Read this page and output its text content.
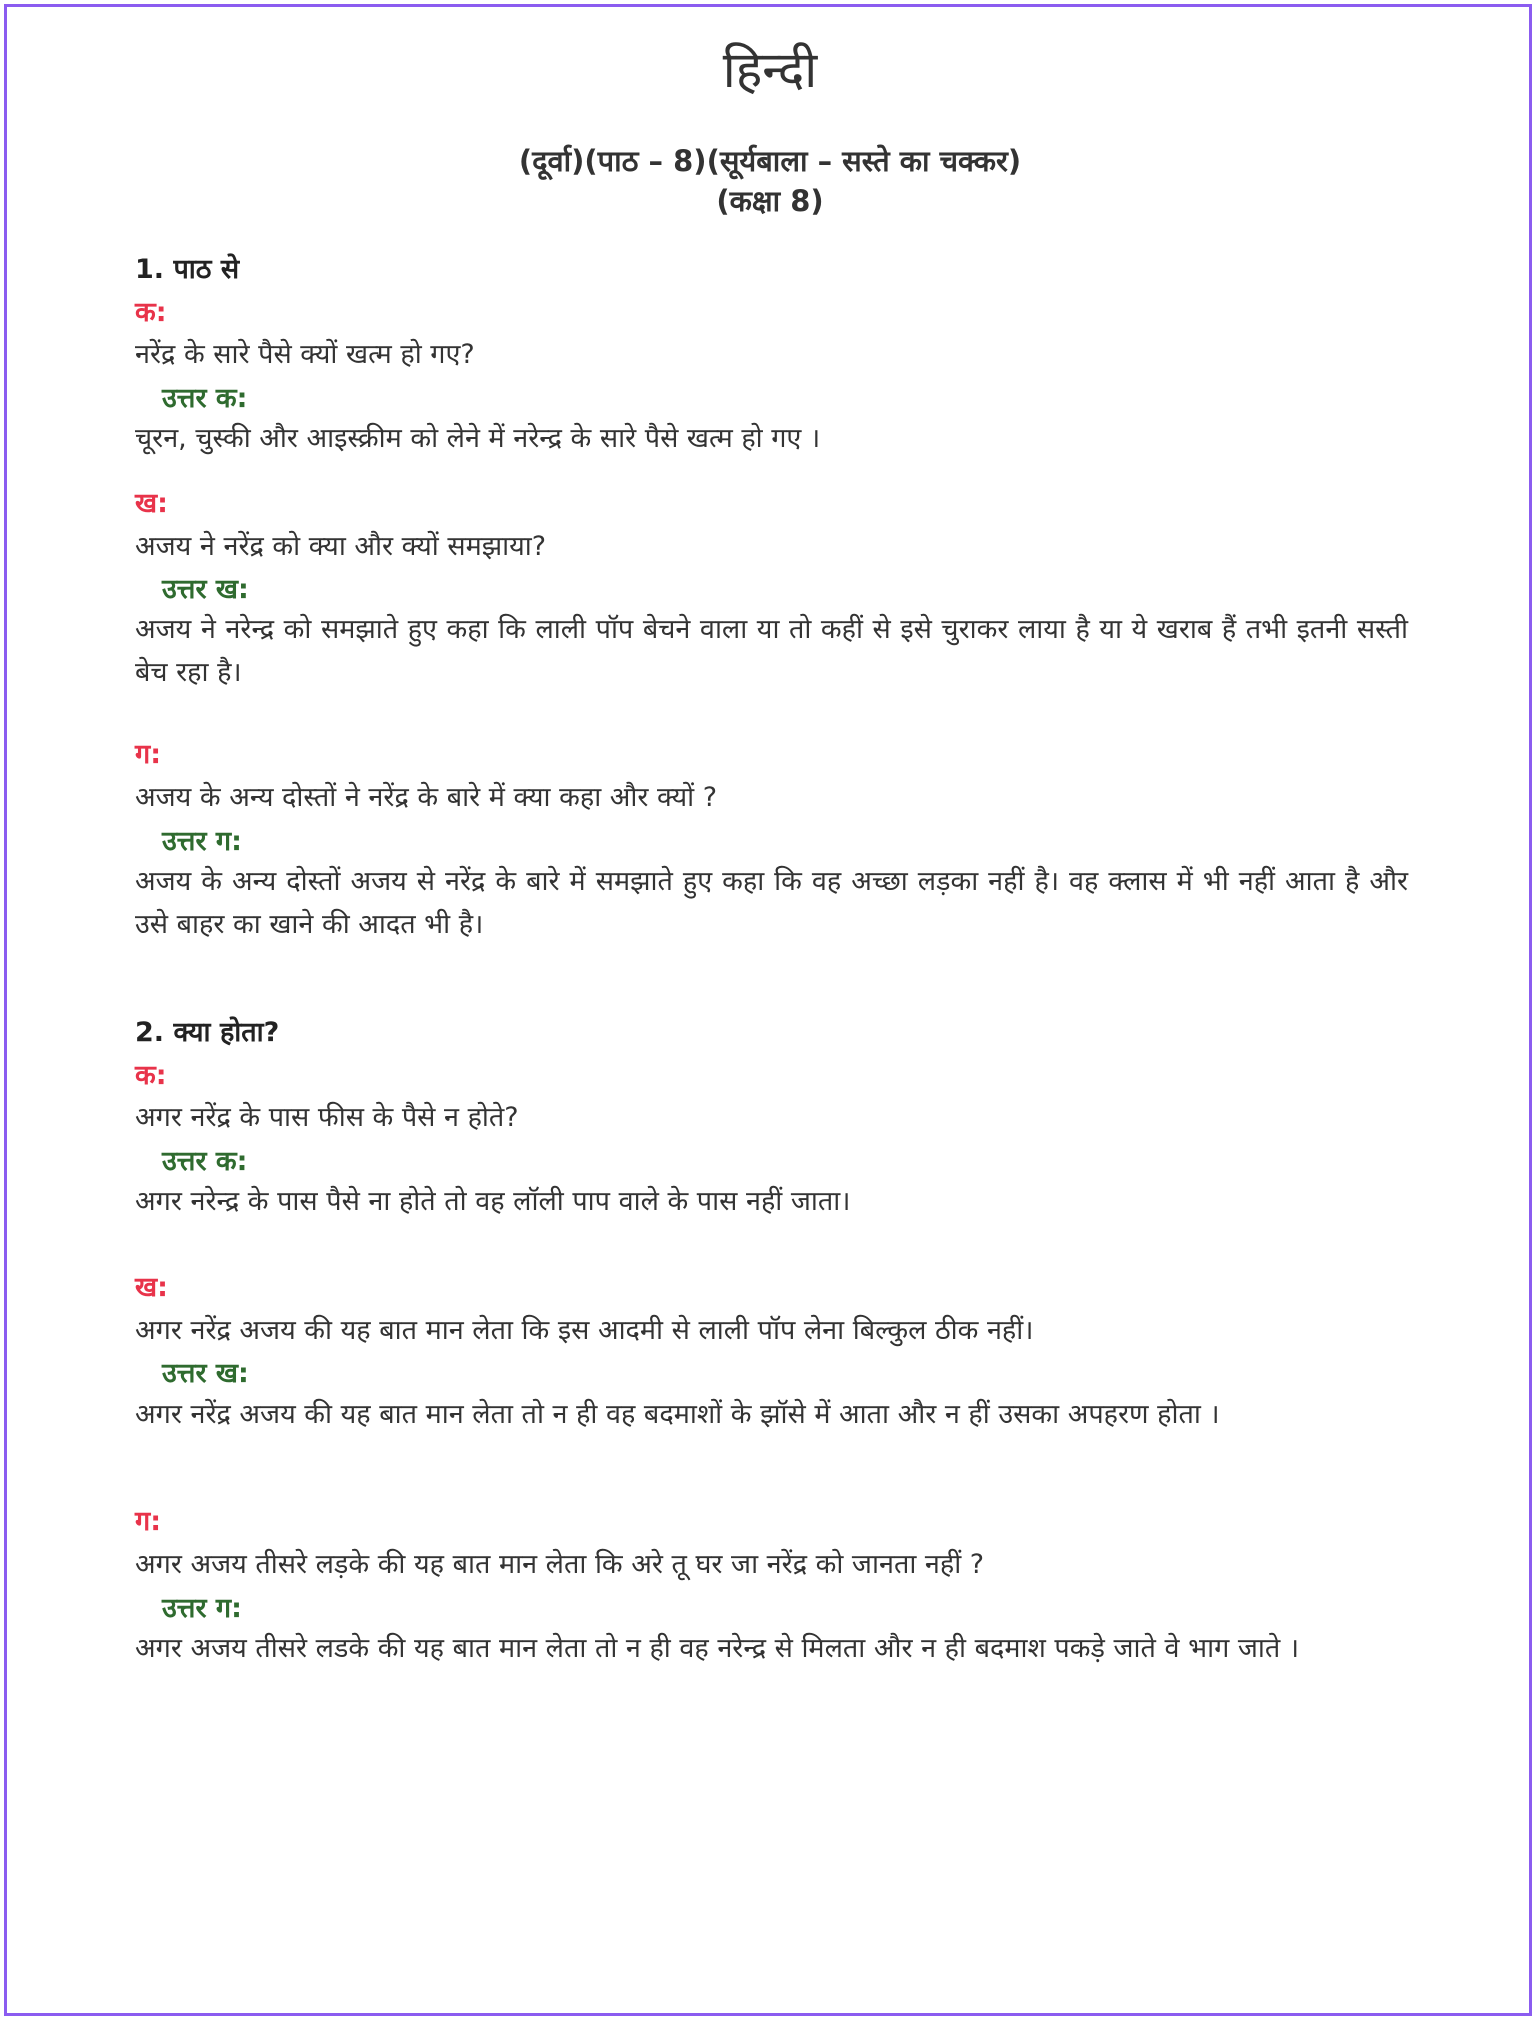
हिन्दी
(दूर्वा)(पाठ – 8)(सूर्यबाला – सस्ते का चक्कर)
(कक्षा 8)
1. पाठ से
क:
नरेंद्र के सारे पैसे क्यों खत्म हो गए?
उत्तर क:
चूरन, चुस्की और आइस्क्रीम को लेने में नरेन्द्र के सारे पैसे खत्म हो गए ।
ख:
अजय ने नरेंद्र को क्या और क्यों समझाया?
उत्तर ख:
अजय ने नरेन्द्र को समझाते हुए कहा कि लाली पॉप बेचने वाला या तो कहीं से इसे चुराकर लाया है या ये खराब हैं तभी इतनी सस्ती बेच रहा है।
ग:
अजय के अन्य दोस्तों ने नरेंद्र के बारे में क्या कहा और क्यों ?
उत्तर ग:
अजय के अन्य दोस्तों अजय से नरेंद्र के बारे में समझाते हुए कहा कि वह अच्छा लड़का नहीं है। वह क्लास में भी नहीं आता है और उसे बाहर का खाने की आदत भी है।
2. क्या होता?
क:
अगर नरेंद्र के पास फीस के पैसे न होते?
उत्तर क:
अगर नरेन्द्र के पास पैसे ना होते तो वह लॉली पाप वाले के पास नहीं जाता।
ख:
अगर नरेंद्र अजय की यह बात मान लेता कि इस आदमी से लाली पॉप लेना बिल्कुल ठीक नहीं।
उत्तर ख:
अगर नरेंद्र अजय की यह बात मान लेता तो न ही वह बदमाशों के झॉसे में आता और न हीं उसका अपहरण होता ।
ग:
अगर अजय तीसरे लड़के की यह बात मान लेता कि अरे तू घर जा नरेंद्र को जानता नहीं ?
उत्तर ग:
अगर अजय तीसरे लडके की यह बात मान लेता तो न ही वह नरेन्द्र से मिलता और न ही बदमाश पकड़े जाते वे भाग जाते ।
